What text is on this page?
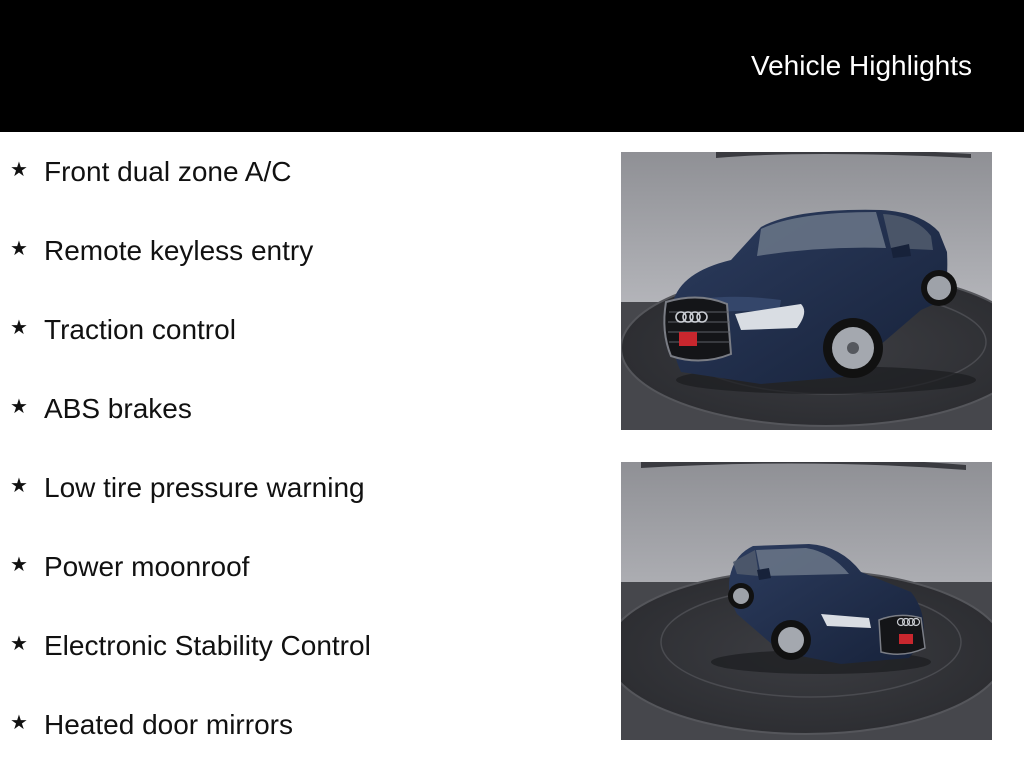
Vehicle Highlights
★ Front dual zone A/C
★ Remote keyless entry
★ Traction control
★ ABS brakes
★ Low tire pressure warning
★ Power moonroof
★ Electronic Stability Control
★ Heated door mirrors
